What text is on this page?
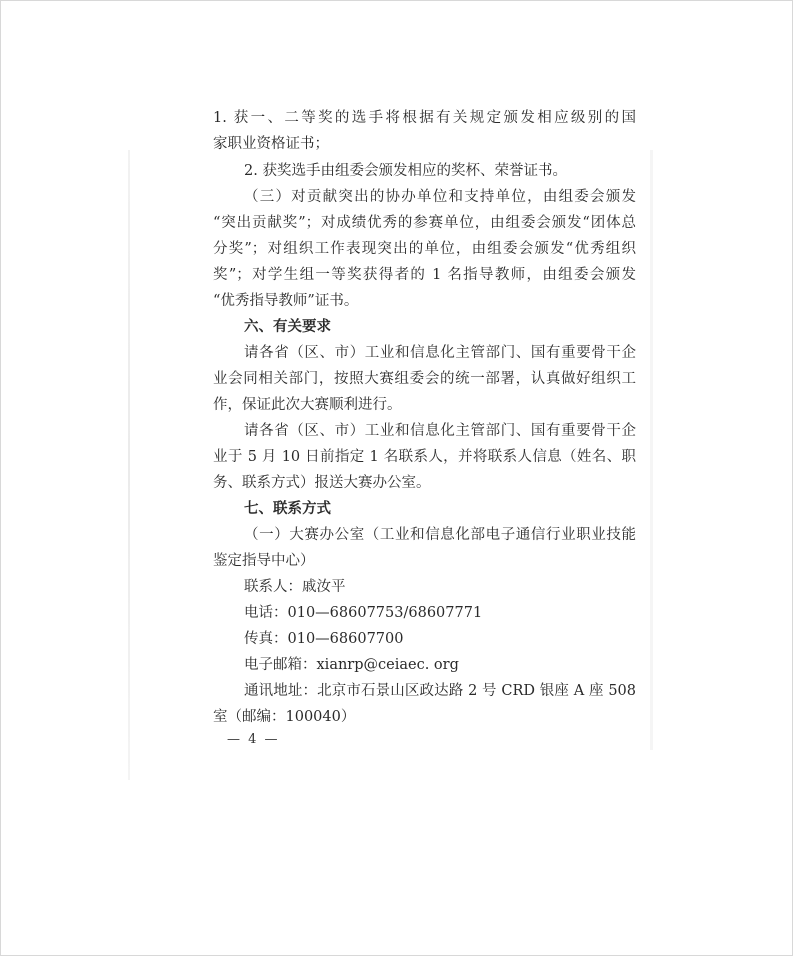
1. 获一、二等奖的选手将根据有关规定颁发相应级别的国
家职业资格证书；
2. 获奖选手由组委会颁发相应的奖杯、荣誉证书。
（三）对贡献突出的协办单位和支持单位，由组委会颁发
“突出贡献奖”；对成绩优秀的参赛单位，由组委会颁发“团体总
分奖”；对组织工作表现突出的单位，由组委会颁发“优秀组织
奖”；对学生组一等奖获得者的 1 名指导教师，由组委会颁发
“优秀指导教师”证书。
六、有关要求
请各省（区、市）工业和信息化主管部门、国有重要骨干企
业会同相关部门，按照大赛组委会的统一部署，认真做好组织工
作，保证此次大赛顺利进行。
请各省（区、市）工业和信息化主管部门、国有重要骨干企
业于 5 月 10 日前指定 1 名联系人，并将联系人信息（姓名、职
务、联系方式）报送大赛办公室。
七、联系方式
（一）大赛办公室（工业和信息化部电子通信行业职业技能
鉴定指导中心）
联系人：戚汝平
电话：010—68607753/68607771
传真：010—68607700
电子邮箱：xianrp@ceiaec. org
通讯地址：北京市石景山区政达路 2 号 CRD 银座 A 座 508
室（邮编：100040）
— 4 —
